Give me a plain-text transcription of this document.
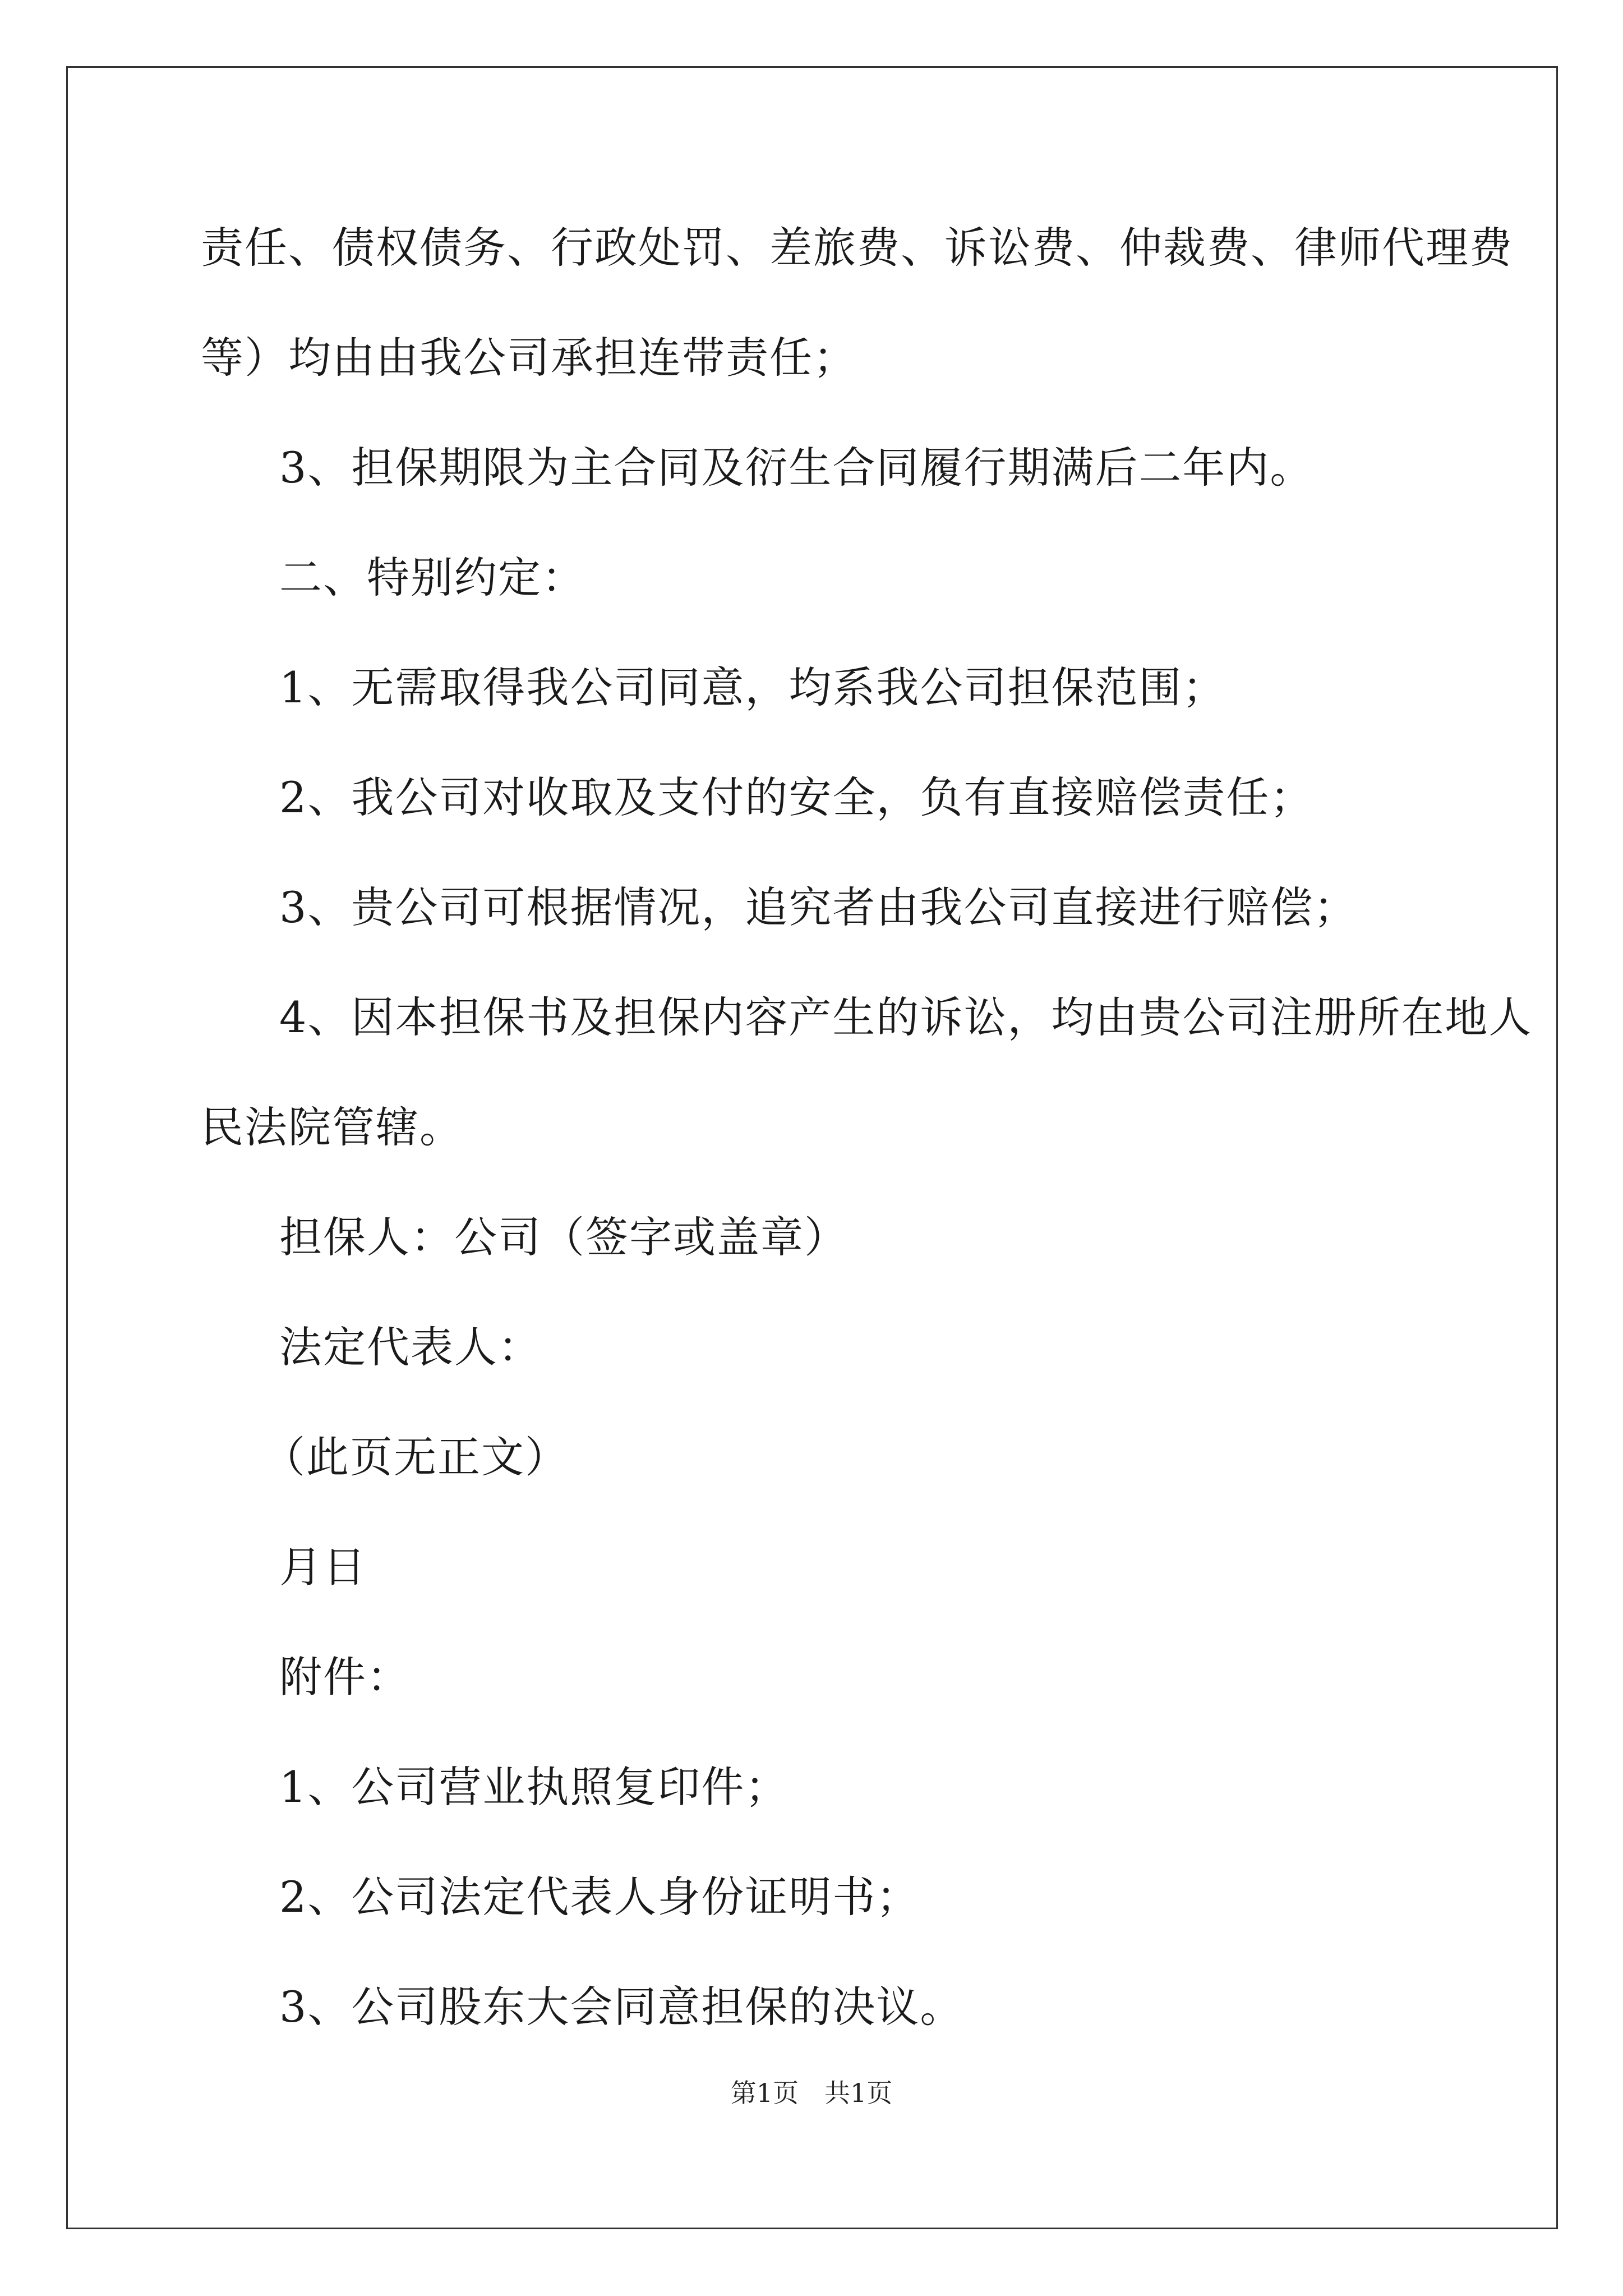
责任、债权债务、行政处罚、差旅费、诉讼费、仲裁费、律师代理费
等）均由由我公司承担连带责任；
3、担保期限为主合同及衍生合同履行期满后二年内。
二、特别约定：
1、无需取得我公司同意，均系我公司担保范围；
2、我公司对收取及支付的安全，负有直接赔偿责任；
3、贵公司可根据情况，追究者由我公司直接进行赔偿；
4、因本担保书及担保内容产生的诉讼，均由贵公司注册所在地人
民法院管辖。
担保人：公司（签字或盖章）
法定代表人：
（此页无正文）
月日
附件：
1、公司营业执照复印件；
2、公司法定代表人身份证明书；
3、公司股东大会同意担保的决议。
第1页　共1页
